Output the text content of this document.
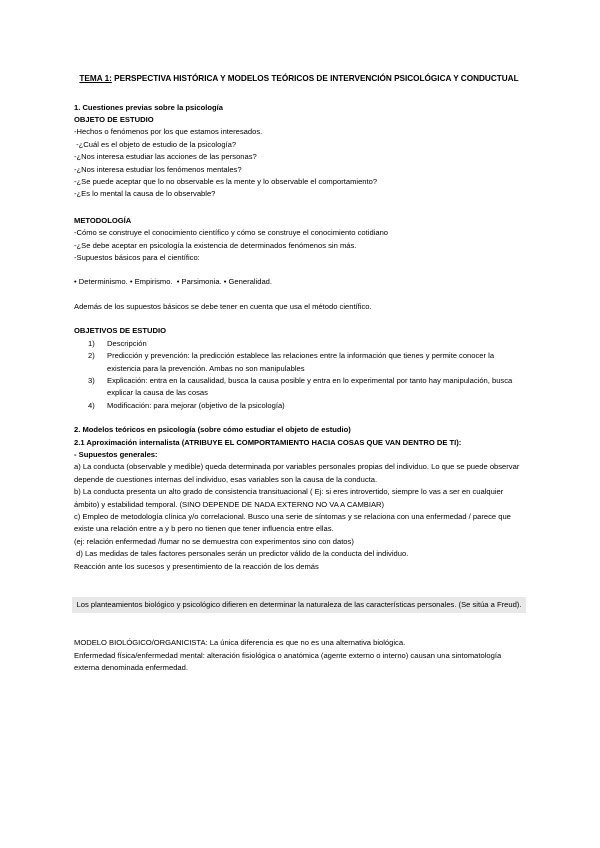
TEMA 1: PERSPECTIVA HISTÓRICA Y MODELOS TEÓRICOS DE INTERVENCIÓN PSICOLÓGICA Y CONDUCTUAL
1. Cuestiones previas sobre la psicología
OBJETO DE ESTUDIO
-Hechos o fenómenos por los que estamos interesados.
-¿Cuál es el objeto de estudio de la psicología?
-¿Nos interesa estudiar las acciones de las personas?
-¿Nos interesa estudiar los fenómenos mentales?
-¿Se puede aceptar que lo no observable es la mente y lo observable el comportamiento?
-¿Es lo mental la causa de lo observable?
METODOLOGÍA
-Cómo se construye el conocimiento científico y cómo se construye el conocimiento cotidiano
-¿Se debe aceptar en psicología la existencia de determinados fenómenos sin más.
-Supuestos básicos para el científico:
• Determinismo. • Empirismo.  • Parsimonia. • Generalidad.
Además de los supuestos básicos se debe tener en cuenta que usa el método científico.
OBJETIVOS DE ESTUDIO
1) Descripción
2) Predicción y prevención: la predicción establece las relaciones entre la información que tienes y permite conocer la existencia para la prevención. Ambas no son manipulables
3) Explicación: entra en la causalidad, busca la causa posible y entra en lo experimental por tanto hay manipulación, busca explicar la causa de las cosas
4) Modificación: para mejorar (objetivo de la psicología)
2. Modelos teóricos en psicología (sobre cómo estudiar el objeto de estudio)
2.1 Aproximación internalista (ATRIBUYE EL COMPORTAMIENTO HACIA COSAS QUE VAN DENTRO DE TI):
- Supuestos generales:
a) La conducta (observable y medible) queda determinada por variables personales propias del individuo. Lo que se puede observar depende de cuestiones internas del individuo, esas variables son la causa de la conducta.
b) La conducta presenta un alto grado de consistencia transituacional ( Ej: si eres introvertido, siempre lo vas a ser en cualquier ámbito) y estabilidad temporal. (SINO DEPENDE DE NADA EXTERNO NO VA A CAMBIAR)
c) Empleo de metodología clínica y/o correlacional. Busco una serie de síntomas y se relaciona con una enfermedad / parece que existe una relación entre a y b pero no tienen que tener influencia entre ellas.
(ej: relación enfermedad /fumar no se demuestra con experimentos sino con datos)
d) Las medidas de tales factores personales serán un predictor válido de la conducta del individuo.
Reacción ante los sucesos y presentimiento de la reacción de los demás
Los planteamientos biológico y psicológico difieren en determinar la naturaleza de las características personales. (Se sitúa a Freud).
MODELO BIOLÓGICO/ORGANICISTA: La única diferencia es que no es una alternativa biológica.
Enfermedad física/enfermedad mental: alteración fisiológica o anatómica (agente externo o interno) causan una sintomatología externa denominada enfermedad.
